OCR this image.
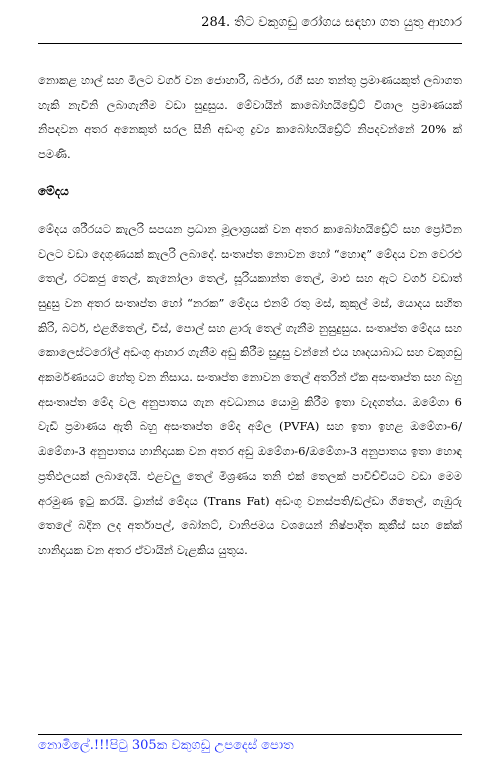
284. තිට වකුගඩු රෝගය සඳහා ගත යුතු ආහාර

නොකළ හාල් සහ මිලට වර්ග වන ජොහාරි, බජ්රා, රගී සහ තන්තු ප්‍රමාණයකුත් ලබාගත හැකි නැවිනි ලබාගැනීම වඩා සුදුසුය. මේවායින් කාබෝහයිඩ්‍රේට් විශාල ප්‍රමාණයක් නිපදවන අතර අනෙකුත් සරල සීනි අඩංගු ද්‍රව්‍ය කාබෝහයිඩ්‍රේට් නිපදවන්නේ 20% ක් පමණි.

මේදය

මේදය ශරීරයට කැලරි සපයන ප්‍රධාන මූලාශ්‍රයක් වන අතර කාබෝහයිඩ්‍රේට් සහ ප්‍රෝටීන වලට වඩා දෙගුණයක් කැලරි ලබාදේ. සංතෘප්ත නොවන හෝ “හොඳ” මේදය වන වෙරළු තෙල්, රටකජු තෙල්, කැනෝලා තෙල්, සූරියකාන්ත තෙල්, මාළු සහ ඇට වර්ග වඩාත් සුදුසු වන අතර සංතෘප්ත හෝ “නරක” මේදය එනම් රතු මස්, කුකුල් මස්, යොදය සහිත කිරි, බටර්, එළගිතෙල්, චීස්, පොල් සහ ළාරු තෙල් ගැනීම නුසුදුසුය. සංතෘප්ත මේදය සහ කොලෙස්ටරෝල් අඩංගු ආහාර ගැනීම අඩු කිරීම සුදුසු වන්නේ එය හෘදයාබාධ සහ වකුගඩු අකර්මණ්‍යයට හේතු වන නිසාය. සංතෘප්ත නොවන තෙල් අතරින් ඒක අසංතෘප්ත සහ බහු අසංතෘප්ත මේද වල අනුපාතය ගැන අවධානය යොමු කිරීම ඉතා වැදගත්ය. ඔමේගා 6 වැඩි ප්‍රමාණය ඇති බහු අසංතෘප්ත මේද අම්ල (PVFA) සහ ඉතා ඉහළ ඔමේගා-6/ඔමේගා-3 අනුපාතය හානිදායක වන අතර අඩු ඔමේගා-6/ඔමේගා-3 අනුපාතය ඉතා හොඳ ප්‍රතිඵලයක් ලබාදෙයි. එළවලු තෙල් මිශ්‍රණය තනි එක් තෙලක් පාවිච්චියට වඩා මෙම අරමුණ ඉටු කරයි. ට්‍රාන්ස් මේදය (Trans Fat) අඩංගු වනස්පති/ඩල්ඩා ගිතෙල්, ගැඹුරු තෙලේ බදින ලද අර්තාපල්, බෝනට්, වානිජමය වශයෙන් නිෂ්පාදිත කුකීස් සහ කේක් හානිදායක වන අතර ඒවායින් වැළකිය යුතුය.

නොමිලේ.!!!පිටු 305ක වකුගඩු උපදෙස් පොත
